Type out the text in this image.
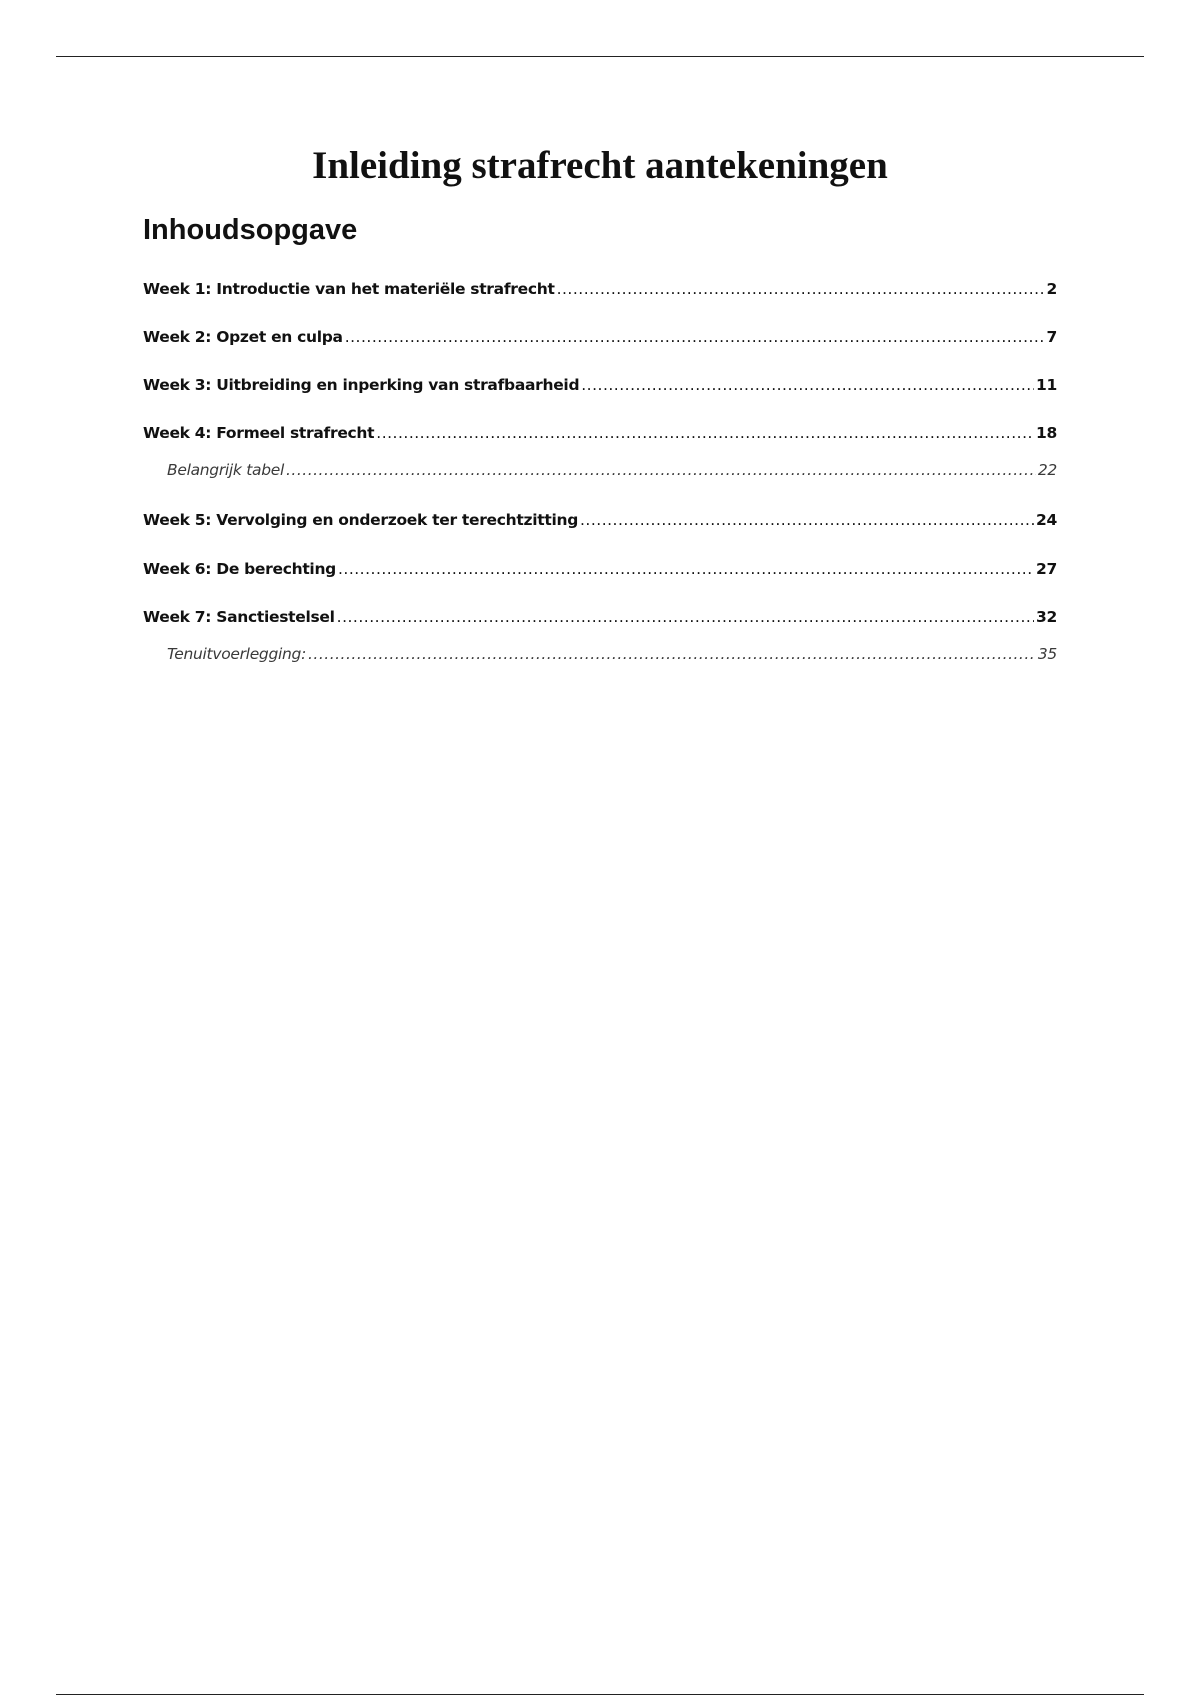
Inleiding strafrecht aantekeningen
Inhoudsopgave
Week 1: Introductie van het materiële strafrecht .....	2
Week 2: Opzet en culpa .....	7
Week 3: Uitbreiding en inperking van strafbaarheid .....	11
Week 4: Formeel strafrecht .....	18
Belangrijk tabel .....	22
Week 5: Vervolging en onderzoek ter terechtzitting .....	24
Week 6: De berechting .....	27
Week 7: Sanctiestelsel .....	32
Tenuitvoerlegging: .....	35
